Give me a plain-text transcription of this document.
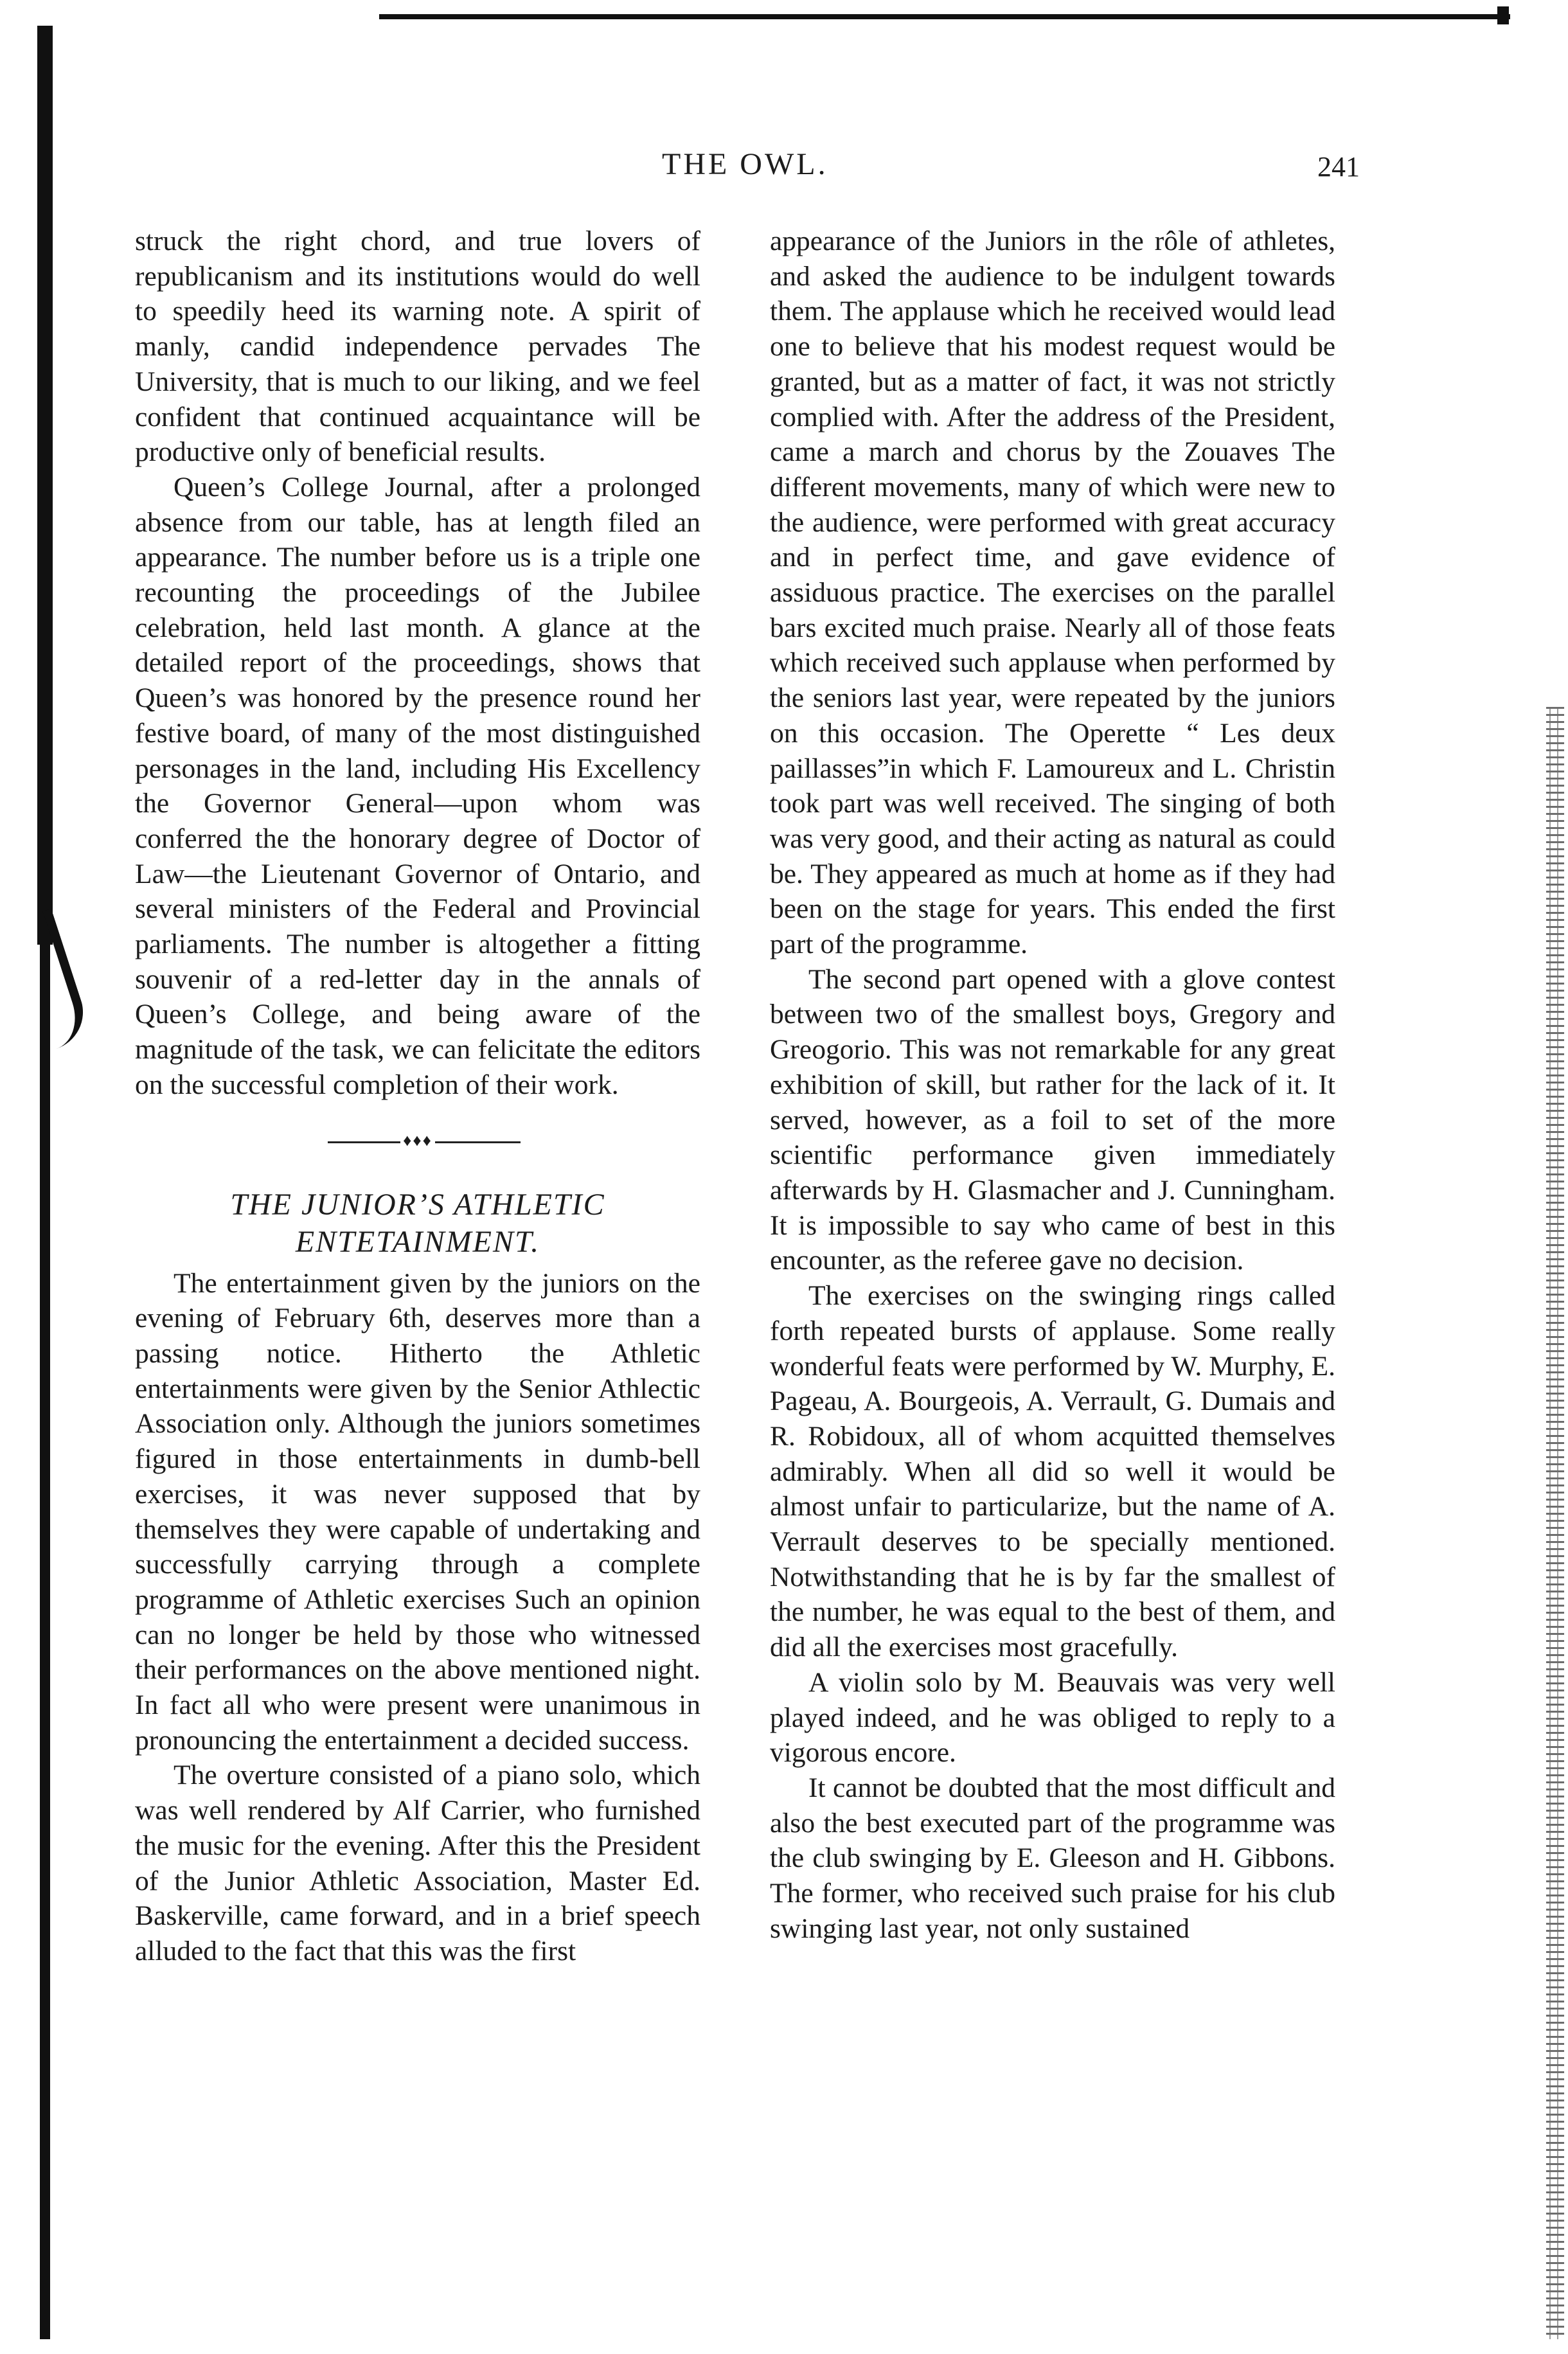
THE OWL.	241

struck the right chord, and true lovers of republicanism and its institutions would do well to speedily heed its warning note. A spirit of manly, candid independence pervades The University, that is much to our liking, and we feel confident that continued acquaintance will be productive only of beneficial results.

Queen’s College Journal, after a prolonged absence from our table, has at length filed an appearance. The number before us is a triple one recounting the proceedings of the Jubilee celebration, held last month. A glance at the detailed report of the proceedings, shows that Queen’s was honored by the presence round her festive board, of many of the most distinguished personages in the land, including His Excellency the Governor General—upon whom was conferred the the honorary degree of Doctor of Law—the Lieutenant Governor of Ontario, and several ministers of the Federal and Provincial parliaments. The number is altogether a fitting souvenir of a red-letter day in the annals of Queen’s College, and being aware of the magnitude of the task, we can felicitate the editors on the successful completion of their work.

♦♦♦
THE JUNIOR’S ATHLETIC
ENTETAINMENT.

The entertainment given by the juniors on the evening of February 6th, deserves more than a passing notice. Hitherto the Athletic entertainments were given by the Senior Athlectic Association only. Although the juniors sometimes figured in those entertainments in dumb-bell exercises, it was never supposed that by themselves they were capable of undertaking and successfully carrying through a complete programme of Athletic exercises Such an opinion can no longer be held by those who witnessed their performances on the above mentioned night. In fact all who were present were unanimous in pronouncing the entertainment a decided success.

The overture consisted of a piano solo, which was well rendered by Alf Carrier, who furnished the music for the evening. After this the President of the Junior Athletic Association, Master Ed. Baskerville, came forward, and in a brief speech alluded to the fact that this was the first

appearance of the Juniors in the rôle of athletes, and asked the audience to be indulgent towards them. The applause which he received would lead one to believe that his modest request would be granted, but as a matter of fact, it was not strictly complied with. After the address of the President, came a march and chorus by the Zouaves The different movements, many of which were new to the audience, were performed with great accuracy and in perfect time, and gave evidence of assiduous practice. The exercises on the parallel bars excited much praise. Nearly all of those feats which received such applause when performed by the seniors last year, were repeated by the juniors on this occasion. The Operette “ Les deux paillasses”in which F. Lamoureux and L. Christin took part was well received. The singing of both was very good, and their acting as natural as could be. They appeared as much at home as if they had been on the stage for years. This ended the first part of the programme.

The second part opened with a glove contest between two of the smallest boys, Gregory and Greogorio. This was not remarkable for any great exhibition of skill, but rather for the lack of it. It served, however, as a foil to set of the more scientific performance given immediately afterwards by H. Glasmacher and J. Cunningham. It is impossible to say who came of best in this encounter, as the referee gave no decision.

The exercises on the swinging rings called forth repeated bursts of applause. Some really wonderful feats were performed by W. Murphy, E. Pageau, A. Bourgeois, A. Verrault, G. Dumais and R. Robidoux, all of whom acquitted themselves admirably. When all did so well it would be almost unfair to particularize, but the name of A. Verrault deserves to be specially mentioned. Notwithstanding that he is by far the smallest of the number, he was equal to the best of them, and did all the exercises most gracefully.

A violin solo by M. Beauvais was very well played indeed, and he was obliged to reply to a vigorous encore.

It cannot be doubted that the most difficult and also the best executed part of the programme was the club swinging by E. Gleeson and H. Gibbons. The former, who received such praise for his club swinging last year, not only sustained
